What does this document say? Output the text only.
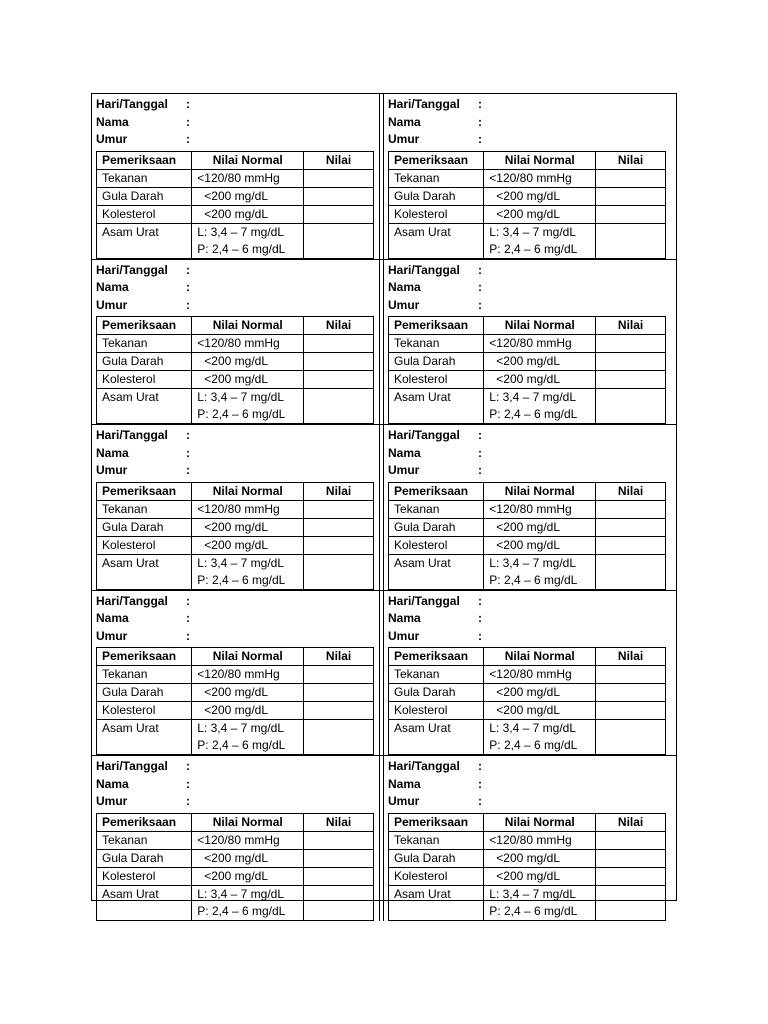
Hari/Tanggal	:
Nama	:
Umur	:
Pemeriksaan	Nilai Normal	Nilai
Tekanan	<120/80 mmHg	
Gula Darah	<200 mg/dL	
Kolesterol	<200 mg/dL	
Asam Urat	L: 3,4 – 7 mg/dL
P: 2,4 – 6 mg/dL	

Hari/Tanggal	:
Nama	:
Umur	:
Pemeriksaan	Nilai Normal	Nilai
Tekanan	<120/80 mmHg	
Gula Darah	<200 mg/dL	
Kolesterol	<200 mg/dL	
Asam Urat	L: 3,4 – 7 mg/dL
P: 2,4 – 6 mg/dL	

Hari/Tanggal	:
Nama	:
Umur	:
Pemeriksaan	Nilai Normal	Nilai
Tekanan	<120/80 mmHg	
Gula Darah	<200 mg/dL	
Kolesterol	<200 mg/dL	
Asam Urat	L: 3,4 – 7 mg/dL
P: 2,4 – 6 mg/dL	

Hari/Tanggal	:
Nama	:
Umur	:
Pemeriksaan	Nilai Normal	Nilai
Tekanan	<120/80 mmHg	
Gula Darah	<200 mg/dL	
Kolesterol	<200 mg/dL	
Asam Urat	L: 3,4 – 7 mg/dL
P: 2,4 – 6 mg/dL	

Hari/Tanggal	:
Nama	:
Umur	:
Pemeriksaan	Nilai Normal	Nilai
Tekanan	<120/80 mmHg	
Gula Darah	<200 mg/dL	
Kolesterol	<200 mg/dL	
Asam Urat	L: 3,4 – 7 mg/dL
P: 2,4 – 6 mg/dL	

Hari/Tanggal	:
Nama	:
Umur	:
Pemeriksaan	Nilai Normal	Nilai
Tekanan	<120/80 mmHg	
Gula Darah	<200 mg/dL	
Kolesterol	<200 mg/dL	
Asam Urat	L: 3,4 – 7 mg/dL
P: 2,4 – 6 mg/dL	

Hari/Tanggal	:
Nama	:
Umur	:
Pemeriksaan	Nilai Normal	Nilai
Tekanan	<120/80 mmHg	
Gula Darah	<200 mg/dL	
Kolesterol	<200 mg/dL	
Asam Urat	L: 3,4 – 7 mg/dL
P: 2,4 – 6 mg/dL	

Hari/Tanggal	:
Nama	:
Umur	:
Pemeriksaan	Nilai Normal	Nilai
Tekanan	<120/80 mmHg	
Gula Darah	<200 mg/dL	
Kolesterol	<200 mg/dL	
Asam Urat	L: 3,4 – 7 mg/dL
P: 2,4 – 6 mg/dL	

Hari/Tanggal	:
Nama	:
Umur	:
Pemeriksaan	Nilai Normal	Nilai
Tekanan	<120/80 mmHg	
Gula Darah	<200 mg/dL	
Kolesterol	<200 mg/dL	
Asam Urat	L: 3,4 – 7 mg/dL
P: 2,4 – 6 mg/dL	

Hari/Tanggal	:
Nama	:
Umur	:
Pemeriksaan	Nilai Normal	Nilai
Tekanan	<120/80 mmHg	
Gula Darah	<200 mg/dL	
Kolesterol	<200 mg/dL	
Asam Urat	L: 3,4 – 7 mg/dL
P: 2,4 – 6 mg/dL	
